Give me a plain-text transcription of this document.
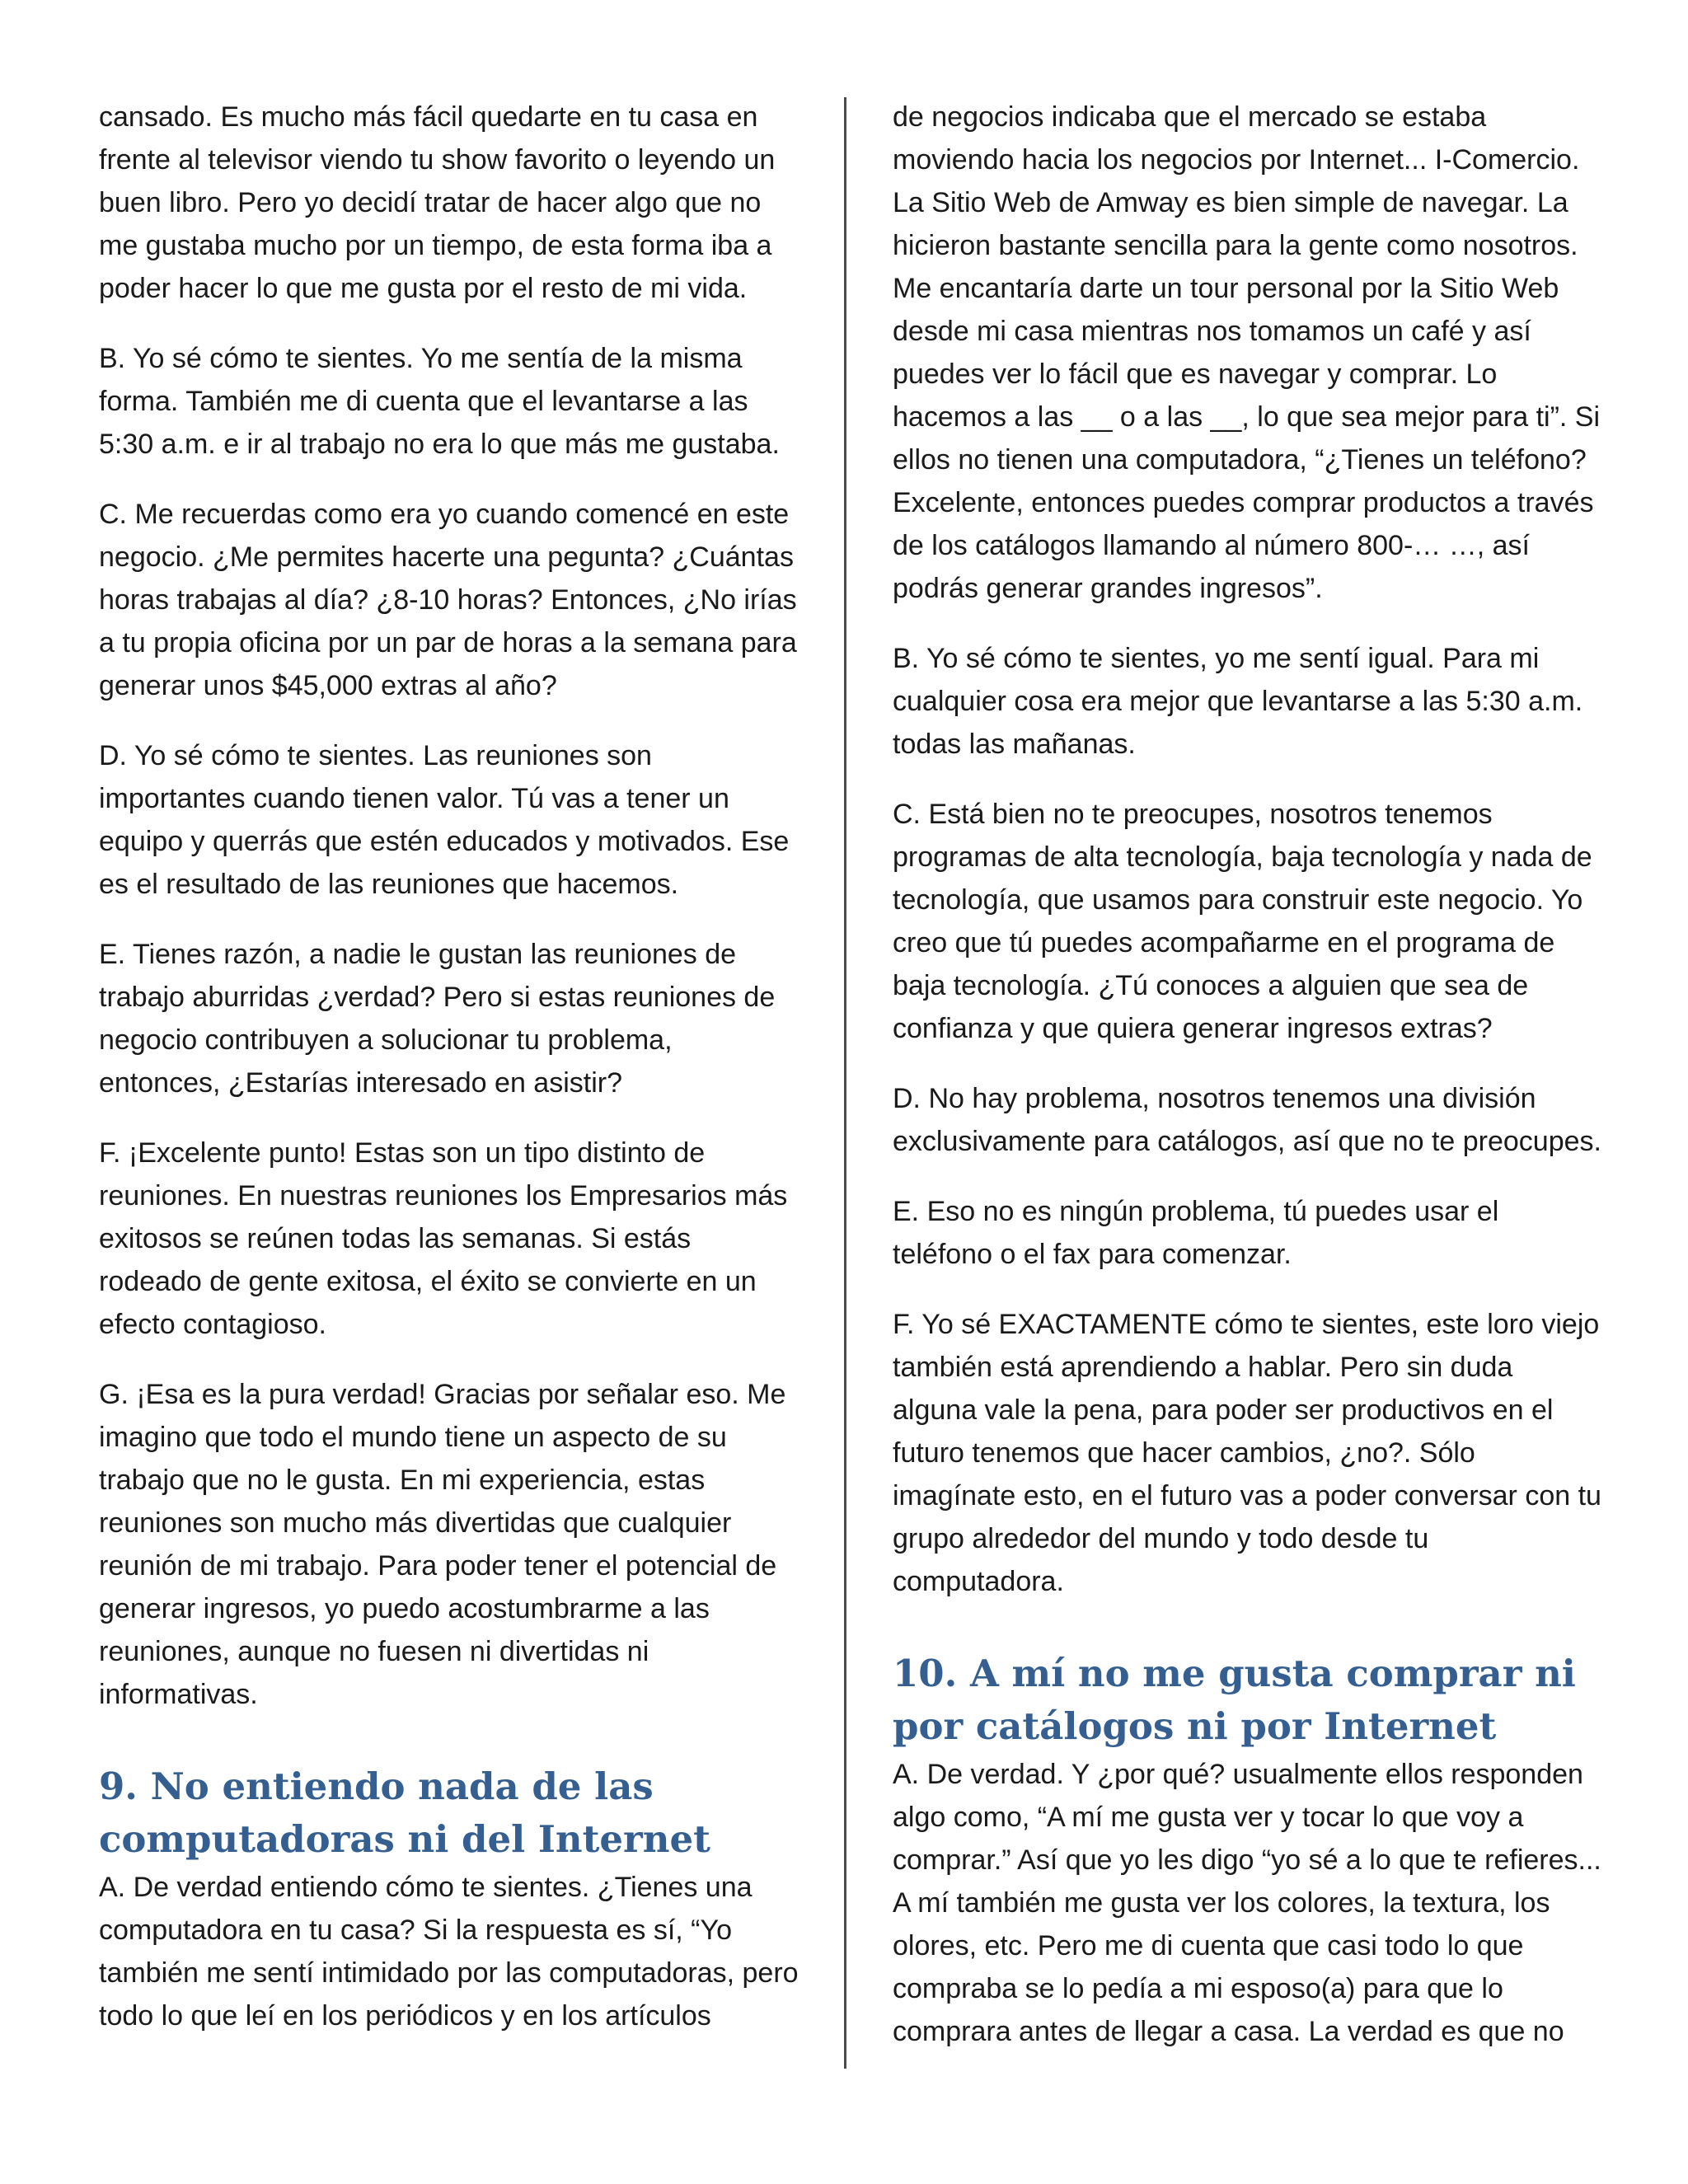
cansado. Es mucho más fácil quedarte en tu casa en frente al televisor viendo tu show favorito o leyendo un buen libro. Pero yo decidí tratar de hacer algo que no me gustaba mucho por un tiempo, de esta forma iba a poder hacer lo que me gusta por el resto de mi vida.

B. Yo sé cómo te sientes. Yo me sentía de la misma forma. También me di cuenta que el levantarse a las 5:30 a.m. e ir al trabajo no era lo que más me gustaba.

C. Me recuerdas como era yo cuando comencé en este negocio. ¿Me permites hacerte una pegunta? ¿Cuántas horas trabajas al día? ¿8-10 horas? Entonces, ¿No irías a tu propia oficina por un par de horas a la semana para generar unos $45,000 extras al año?

D. Yo sé cómo te sientes. Las reuniones son importantes cuando tienen valor. Tú vas a tener un equipo y querrás que estén educados y motivados. Ese es el resultado de las reuniones que hacemos.

E. Tienes razón, a nadie le gustan las reuniones de trabajo aburridas ¿verdad? Pero si estas reuniones de negocio contribuyen a solucionar tu problema, entonces, ¿Estarías interesado en asistir?

F. ¡Excelente punto! Estas son un tipo distinto de reuniones. En nuestras reuniones los Empresarios más exitosos se reúnen todas las semanas. Si estás rodeado de gente exitosa, el éxito se convierte en un efecto contagioso.

G. ¡Esa es la pura verdad! Gracias por señalar eso. Me imagino que todo el mundo tiene un aspecto de su trabajo que no le gusta. En mi experiencia, estas reuniones son mucho más divertidas que cualquier reunión de mi trabajo. Para poder tener el potencial de generar ingresos, yo puedo acostumbrarme a las reuniones, aunque no fuesen ni divertidas ni informativas.

9. No entiendo nada de las computadoras ni del Internet

A. De verdad entiendo cómo te sientes. ¿Tienes una computadora en tu casa? Si la respuesta es sí, “Yo también me sentí intimidado por las computadoras, pero todo lo que leí en los periódicos y en los artículos

de negocios indicaba que el mercado se estaba moviendo hacia los negocios por Internet... I-Comercio. La Sitio Web de Amway es bien simple de navegar. La hicieron bastante sencilla para la gente como nosotros. Me encantaría darte un tour personal por la Sitio Web desde mi casa mientras nos tomamos un café y así puedes ver lo fácil que es navegar y comprar. Lo hacemos a las __ o a las __, lo que sea mejor para ti”. Si ellos no tienen una computadora, “¿Tienes un teléfono? Excelente, entonces puedes comprar productos a través de los catálogos llamando al número 800-… …, así podrás generar grandes ingresos”.

B. Yo sé cómo te sientes, yo me sentí igual. Para mi cualquier cosa era mejor que levantarse a las 5:30 a.m. todas las mañanas.

C. Está bien no te preocupes, nosotros tenemos programas de alta tecnología, baja tecnología y nada de tecnología, que usamos para construir este negocio. Yo creo que tú puedes acompañarme en el programa de baja tecnología. ¿Tú conoces a alguien que sea de confianza y que quiera generar ingresos extras?

D. No hay problema, nosotros tenemos una división exclusivamente para catálogos, así que no te preocupes.

E. Eso no es ningún problema, tú puedes usar el teléfono o el fax para comenzar.

F. Yo sé EXACTAMENTE cómo te sientes, este loro viejo también está aprendiendo a hablar. Pero sin duda alguna vale la pena, para poder ser productivos en el futuro tenemos que hacer cambios, ¿no?. Sólo imagínate esto, en el futuro vas a poder conversar con tu grupo alrededor del mundo y todo desde tu computadora.

10. A mí no me gusta comprar ni por catálogos ni por Internet

A. De verdad. Y ¿por qué? usualmente ellos responden algo como, “A mí me gusta ver y tocar lo que voy a comprar.” Así que yo les digo “yo sé a lo que te refieres... A mí también me gusta ver los colores, la textura, los olores, etc. Pero me di cuenta que casi todo lo que compraba se lo pedía a mi esposo(a) para que lo comprara antes de llegar a casa. La verdad es que no
